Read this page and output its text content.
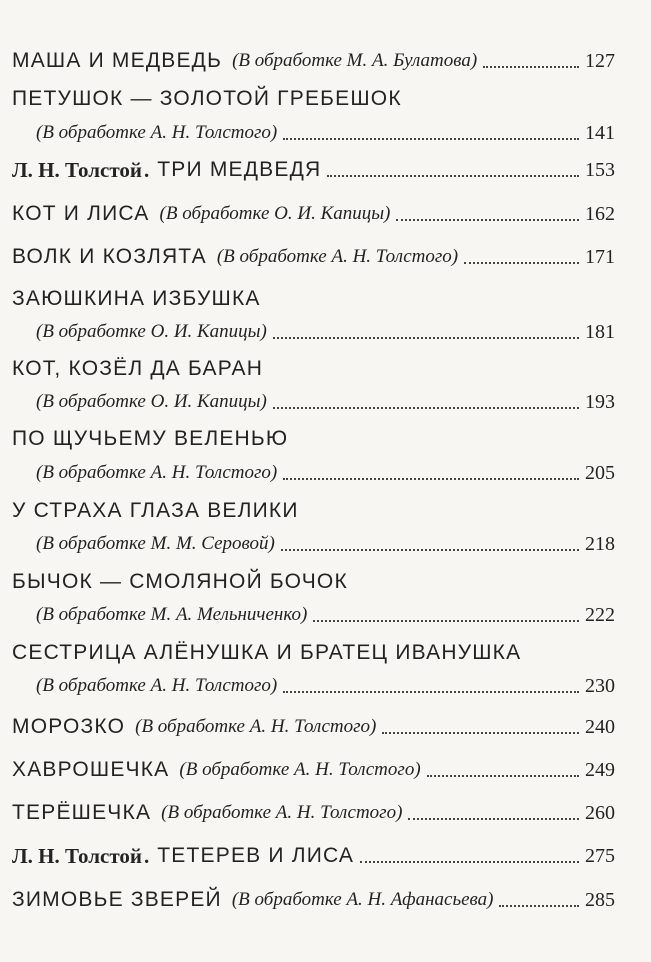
МАША И МЕДВЕДЬ (В обработке М. А. Булатова)	127
ПЕТУШОК — ЗОЛОТОЙ ГРЕБЕШОК
(В обработке А. Н. Толстого)	141
Л. Н. Толстой . ТРИ МЕДВЕДЯ	153
КОТ И ЛИСА (В обработке О. И. Капицы)	162
ВОЛК И КОЗЛЯТА (В обработке А. Н. Толстого)	171
ЗАЮШКИНА ИЗБУШКА
(В обработке О. И. Капицы)	181
КОТ, КОЗЁЛ ДА БАРАН
(В обработке О. И. Капицы)	193
ПО ЩУЧЬЕМУ ВЕЛЕНЬЮ
(В обработке А. Н. Толстого)	205
У СТРАХА ГЛАЗА ВЕЛИКИ
(В обработке М. М. Серовой)	218
БЫЧОК — СМОЛЯНОЙ БОЧОК
(В обработке М. А. Мельниченко)	222
СЕСТРИЦА АЛЁНУШКА И БРАТЕЦ ИВАНУШКА
(В обработке А. Н. Толстого)	230
МОРОЗКО (В обработке А. Н. Толстого)	240
ХАВРОШЕЧКА (В обработке А. Н. Толстого)	249
ТЕРЁШЕЧКА (В обработке А. Н. Толстого)	260
Л. Н. Толстой . ТЕТЕРЕВ И ЛИСА	275
ЗИМОВЬЕ ЗВЕРЕЙ (В обработке А. Н. Афанасьева)	285
